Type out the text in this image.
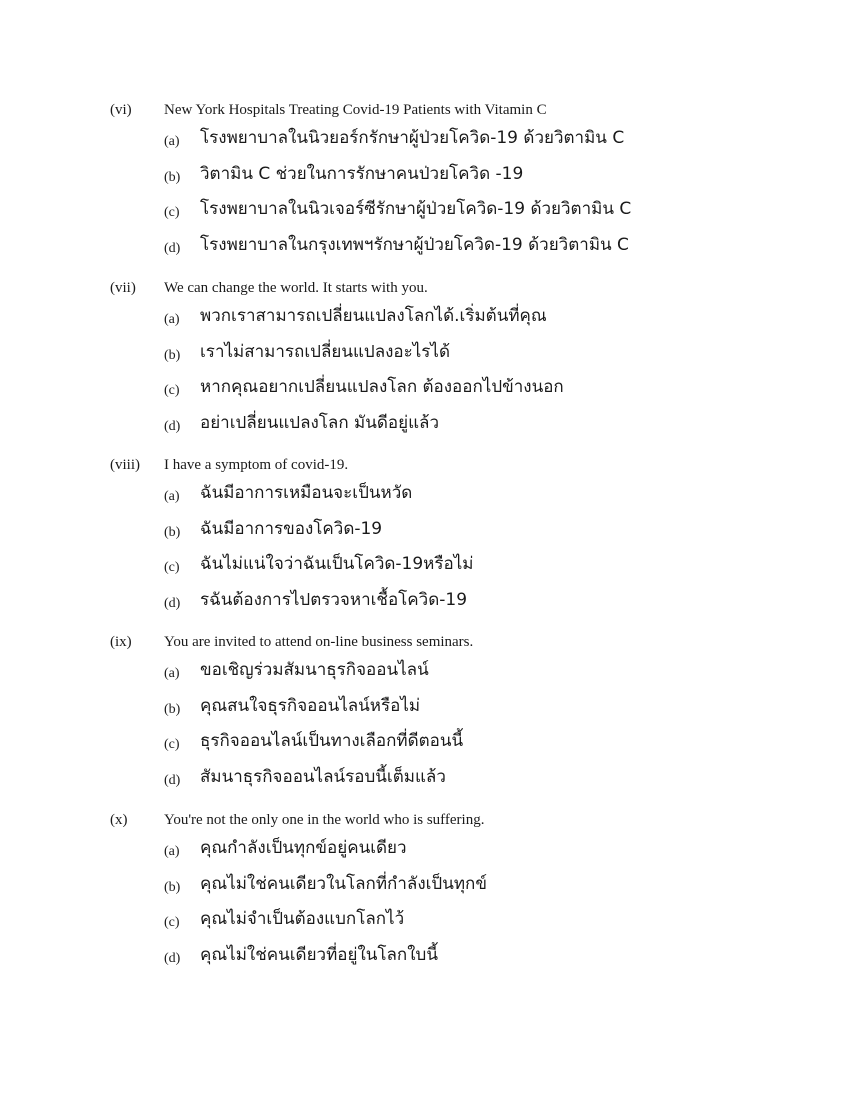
(vi) New York Hospitals Treating Covid-19 Patients with Vitamin C
(a) โรงพยาบาลในนิวยอร์กรักษาผู้ป่วยโควิด-19 ด้วยวิตามิน C
(b) วิตามิน C ช่วยในการรักษาคนป่วยโควิด -19
(c) โรงพยาบาลในนิวเจอร์ซีรักษาผู้ป่วยโควิด-19 ด้วยวิตามิน C
(d) โรงพยาบาลในกรุงเทพฯรักษาผู้ป่วยโควิด-19 ด้วยวิตามิน C
(vii) We can change the world. It starts with you.
(a) พวกเราสามารถเปลี่ยนแปลงโลกได้.เริ่มต้นที่คุณ
(b) เราไม่สามารถเปลี่ยนแปลงอะไรได้
(c) หากคุณอยากเปลี่ยนแปลงโลก ต้องออกไปข้างนอก
(d) อย่าเปลี่ยนแปลงโลก มันดีอยู่แล้ว
(viii) I have a symptom of covid-19.
(a) ฉันมีอาการเหมือนจะเป็นหวัด
(b) ฉันมีอาการของโควิด-19
(c) ฉันไม่แน่ใจว่าฉันเป็นโควิด-19หรือไม่
(d) รฉันต้องการไปตรวจหาเชื้อโควิด-19
(ix) You are invited to attend on-line business seminars.
(a) ขอเชิญร่วมสัมนาธุรกิจออนไลน์
(b) คุณสนใจธุรกิจออนไลน์หรือไม่
(c) ธุรกิจออนไลน์เป็นทางเลือกที่ดีตอนนี้
(d) สัมนาธุรกิจออนไลน์รอบนี้เต็มแล้ว
(x) You're not the only one in the world who is suffering.
(a) คุณกำลังเป็นทุกข์อยู่คนเดียว
(b) คุณไม่ใช่คนเดียวในโลกที่กำลังเป็นทุกข์
(c) คุณไม่จำเป็นต้องแบกโลกไว้
(d) คุณไม่ใช่คนเดียวที่อยู่ในโลกใบนี้
